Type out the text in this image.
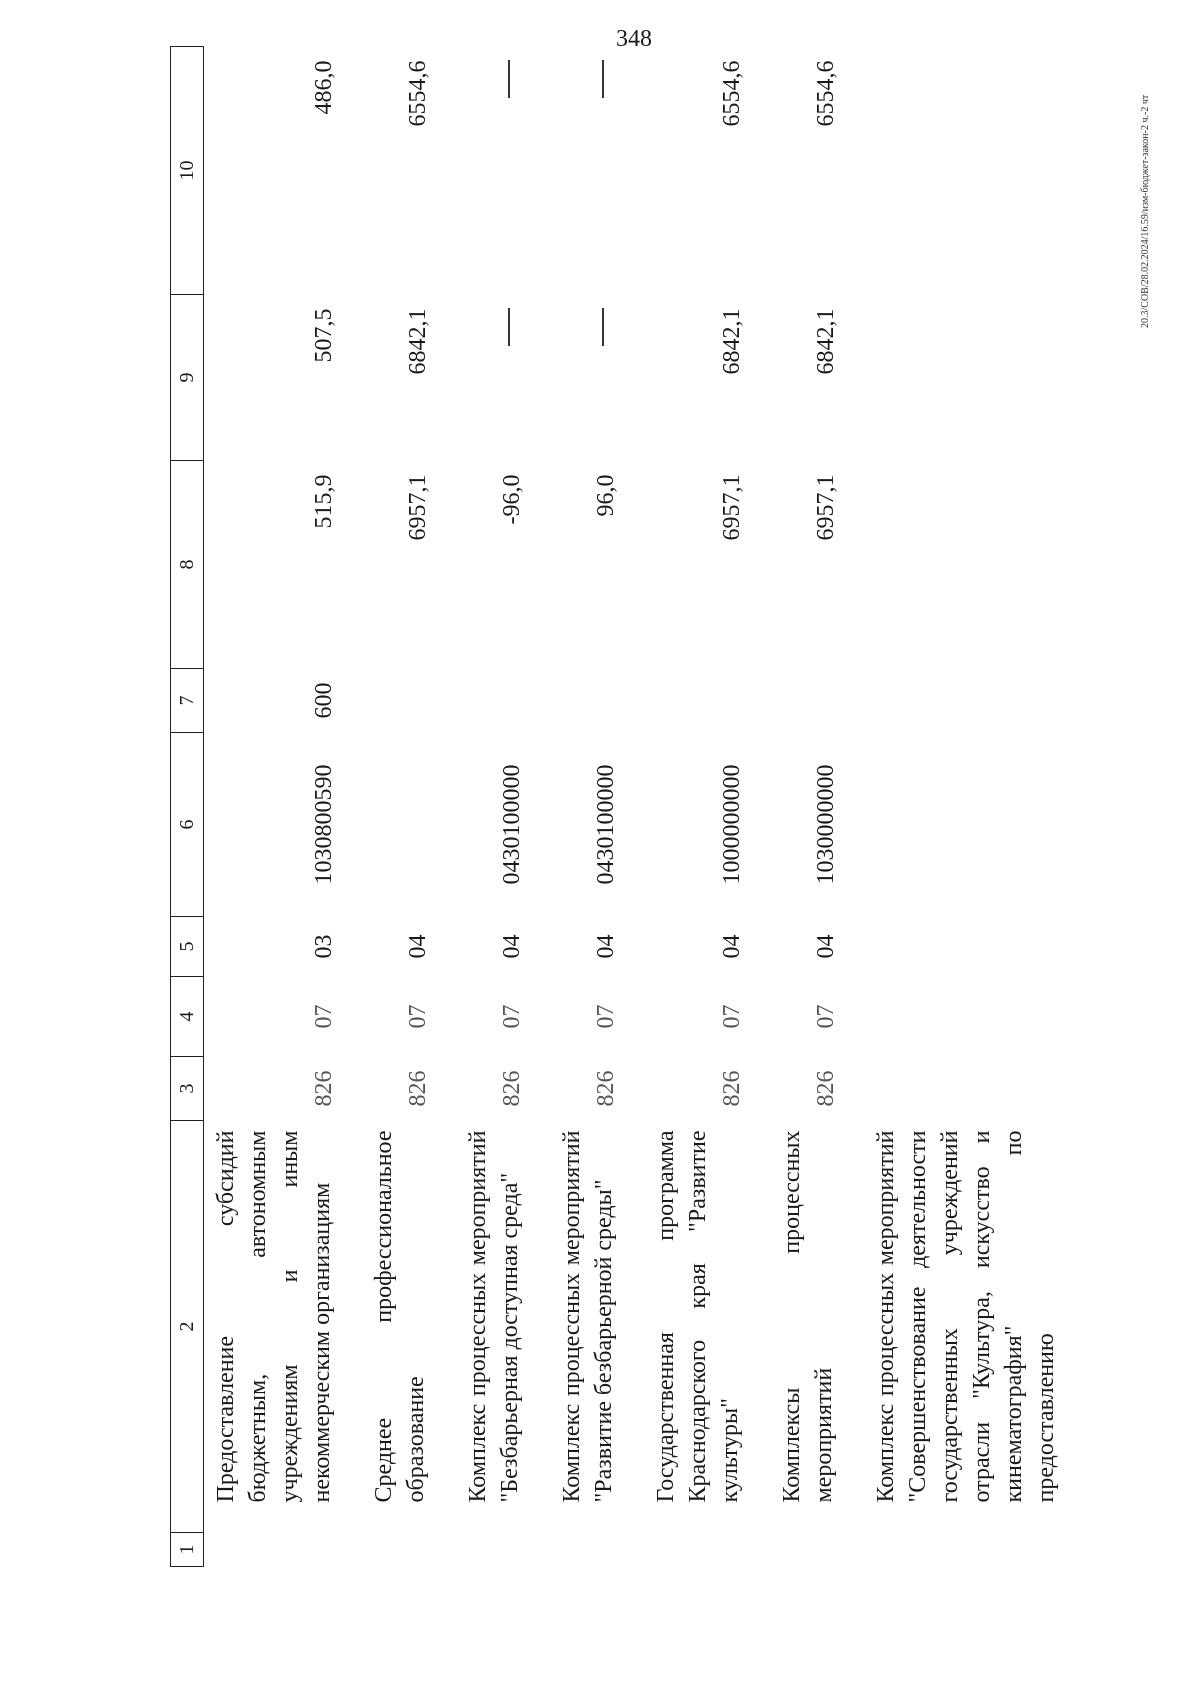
348
20.3/СОВ/28.02.2024/16.59/изм-бюджет-закон-2 ч.-2 чт
1	2	3	4	5	6	7	8	9	10
	Предоставление субсидий бюджетным, автономным учреждениям и иным некоммерческим организациям	826	07	03	1030800590	600	515,9	507,5	486,0
	Среднее профессиональное образование	826	07	04			6957,1	6842,1	6554,6
	Комплекс процессных мероприятий "Безбарьерная доступная среда"	826	07	04	0430100000		-96,0		
	Комплекс процессных мероприятий "Развитие безбарьерной среды"	826	07	04	0430100000		96,0		
	Государственная программа Краснодарского края "Развитие культуры"	826	07	04	1000000000		6957,1	6842,1	6554,6
	Комплексы процессных мероприятий	826	07	04	1030000000		6957,1	6842,1	6554,6
	Комплекс процессных мероприятий "Совершенствование деятельности государственных учреждений отрасли "Культура, искусство и кинематография" по предоставлению								
